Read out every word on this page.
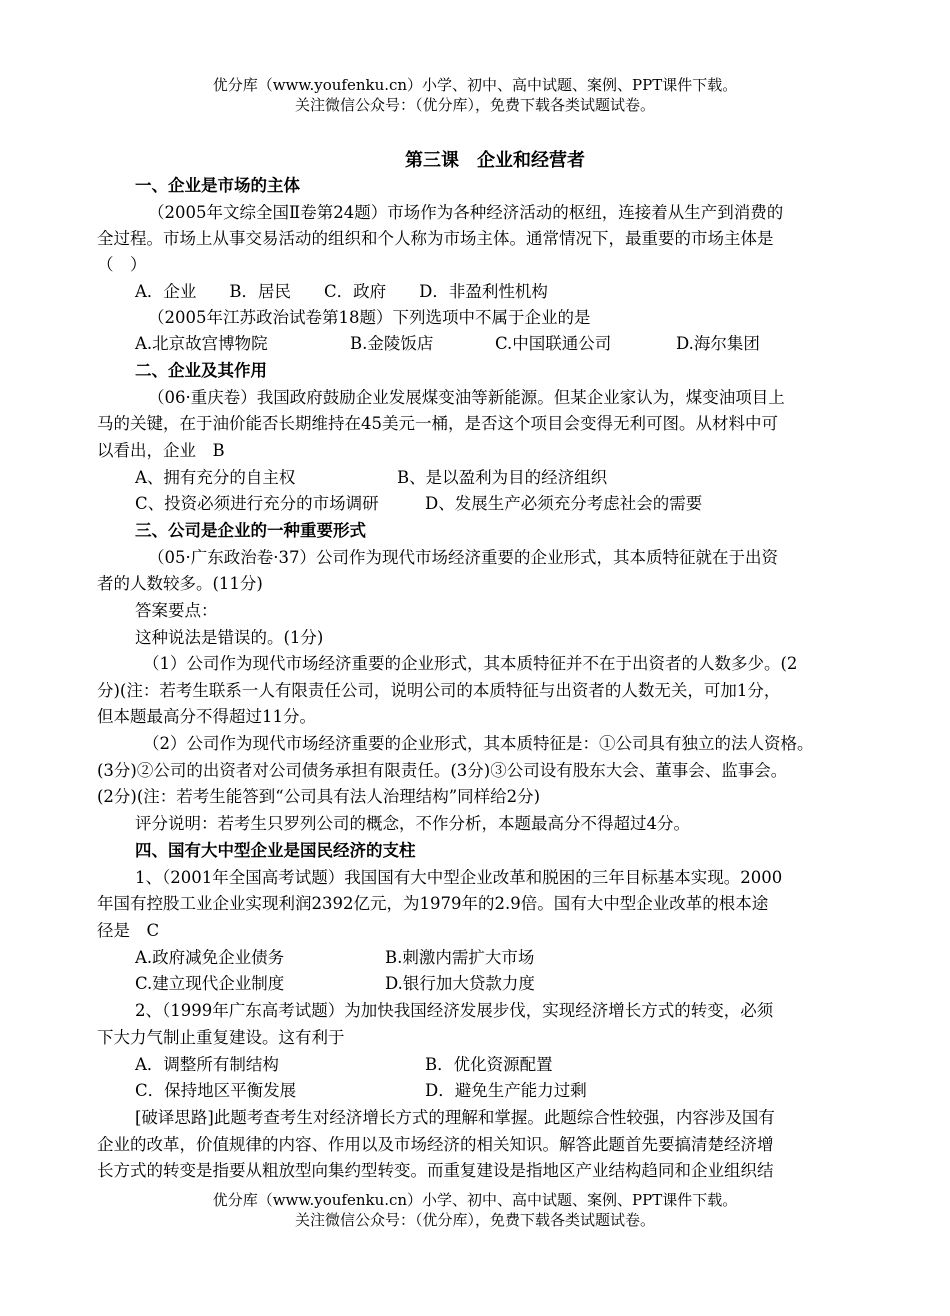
优分库（www.youfenku.cn）小学、初中、高中试题、案例、PPT课件下载。
关注微信公众号：（优分库），免费下载各类试题试卷。
第三课　企业和经营者
一、企业是市场的主体
（2005年文综全国Ⅱ卷第24题）市场作为各种经济活动的枢纽，连接着从生产到消费的
全过程。市场上从事交易活动的组织和个人称为市场主体。通常情况下，最重要的市场主体是
（　）
A．企业　　B．居民　　C．政府　　D．非盈利性机构
（2005年江苏政治试卷第18题）下列选项中不属于企业的是
A.北京故宫博物院	B.金陵饭店	C.中国联通公司	D.海尔集团
二、企业及其作用
（06·重庆卷）我国政府鼓励企业发展煤变油等新能源。但某企业家认为，煤变油项目上
马的关键，在于油价能否长期维持在45美元一桶，是否这个项目会变得无利可图。从材料中可
以看出，企业　B
A、拥有充分的自主权	B、是以盈利为目的经济组织
C、投资必须进行充分的市场调研	D、发展生产必须充分考虑社会的需要
三、公司是企业的一种重要形式
（05·广东政治卷·37）公司作为现代市场经济重要的企业形式，其本质特征就在于出资
者的人数较多。(11分)
答案要点：
这种说法是错误的。(1分)
（1）公司作为现代市场经济重要的企业形式，其本质特征并不在于出资者的人数多少。(2
分)(注：若考生联系一人有限责任公司，说明公司的本质特征与出资者的人数无关，可加1分，
但本题最高分不得超过11分。
（2）公司作为现代市场经济重要的企业形式，其本质特征是：①公司具有独立的法人资格。
(3分)②公司的出资者对公司债务承担有限责任。(3分)③公司设有股东大会、董事会、监事会。
(2分)(注：若考生能答到“公司具有法人治理结构”同样给2分)
评分说明：若考生只罗列公司的概念，不作分析，本题最高分不得超过4分。
四、国有大中型企业是国民经济的支柱
1、（2001年全国高考试题）我国国有大中型企业改革和脱困的三年目标基本实现。2000
年国有控股工业企业实现利润2392亿元，为1979年的2.9倍。国有大中型企业改革的根本途
径是　C
A.政府减免企业债务	B.刺激内需扩大市场
C.建立现代企业制度	D.银行加大贷款力度
2、（1999年广东高考试题）为加快我国经济发展步伐，实现经济增长方式的转变，必须
下大力气制止重复建设。这有利于
A．调整所有制结构	B．优化资源配置
C．保持地区平衡发展	D．避免生产能力过剩
[破译思路]此题考查考生对经济增长方式的理解和掌握。此题综合性较强，内容涉及国有
企业的改革，价值规律的内容、作用以及市场经济的相关知识。解答此题首先要搞清楚经济增
长方式的转变是指要从粗放型向集约型转变。而重复建设是指地区产业结构趋同和企业组织结
优分库（www.youfenku.cn）小学、初中、高中试题、案例、PPT课件下载。
关注微信公众号：（优分库），免费下载各类试题试卷。
